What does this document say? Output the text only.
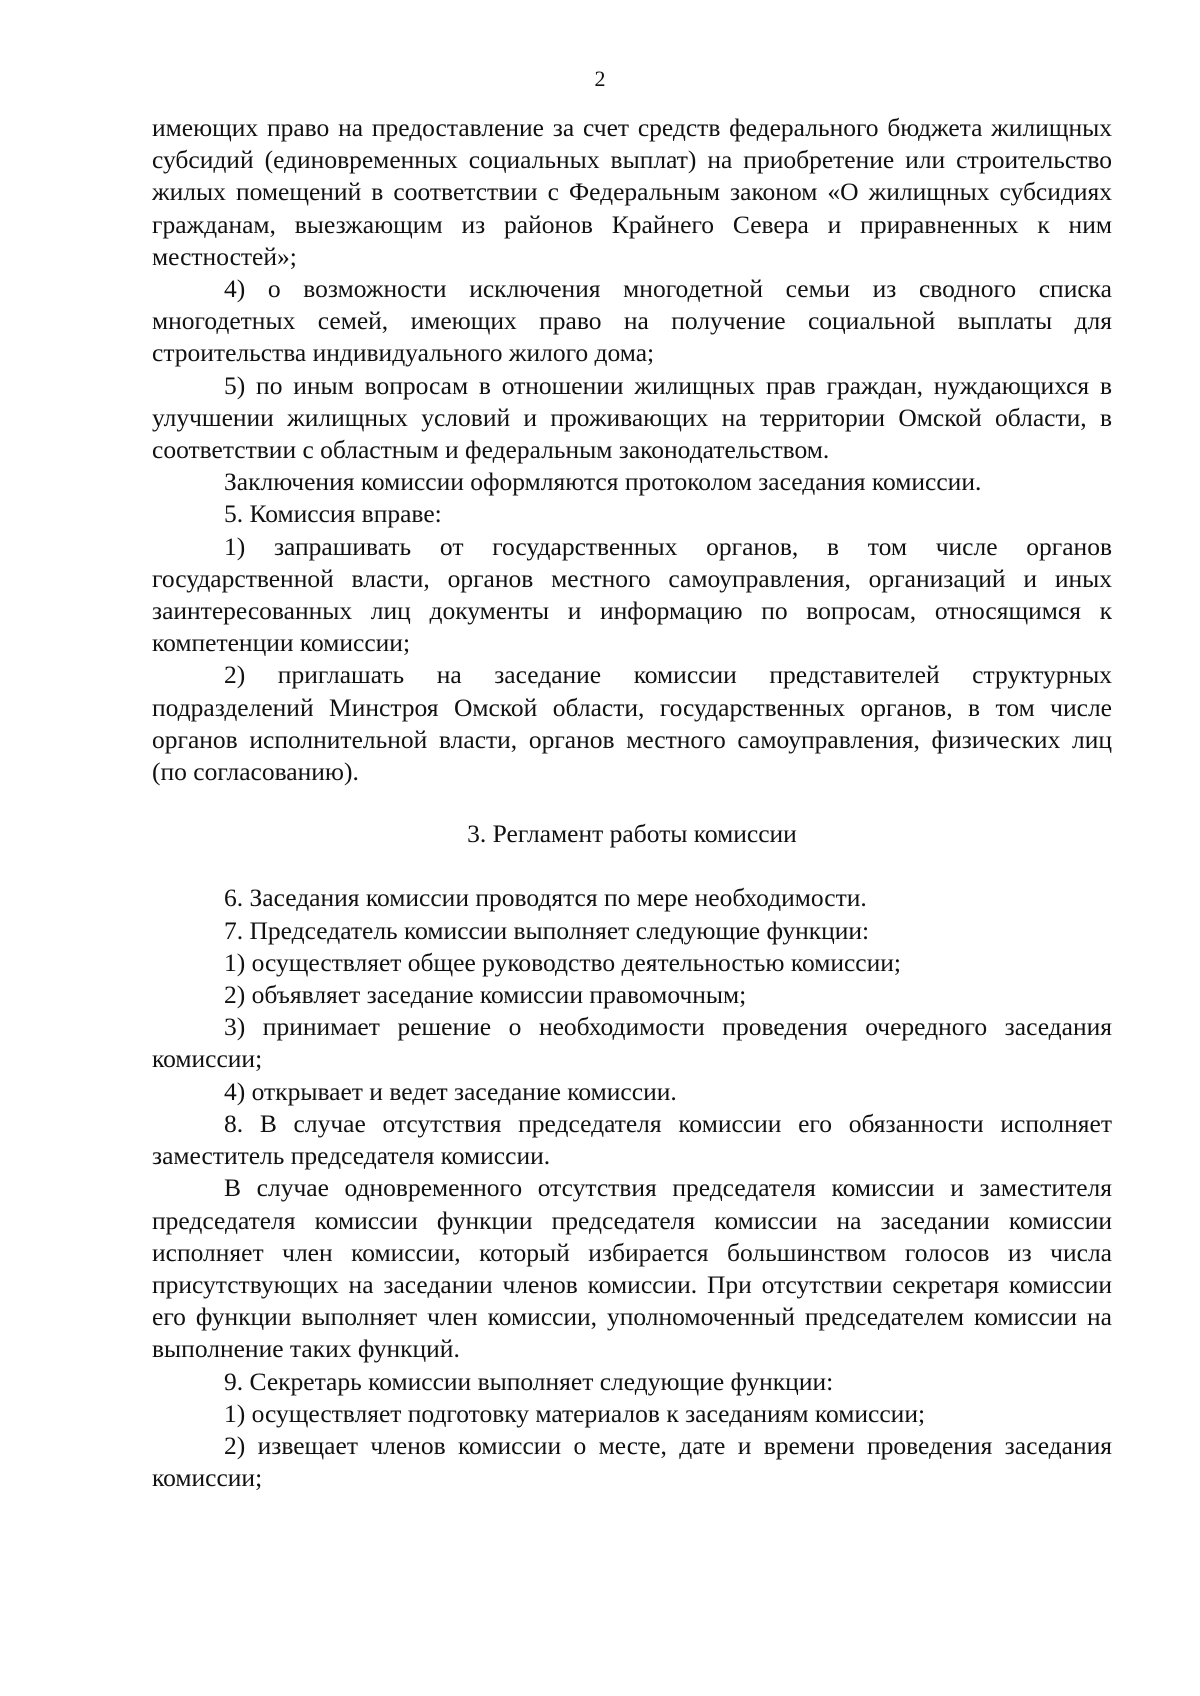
2

имеющих право на предоставление за счет средств федерального бюджета жилищных субсидий (единовременных социальных выплат) на приобретение или строительство жилых помещений в соответствии с Федеральным законом «О жилищных субсидиях гражданам, выезжающим из районов Крайнего Севера и приравненных к ним местностей»;

4) о возможности исключения многодетной семьи из сводного списка многодетных семей, имеющих право на получение социальной выплаты для строительства индивидуального жилого дома;

5) по иным вопросам в отношении жилищных прав граждан, нуждающихся в улучшении жилищных условий и проживающих на территории Омской области, в соответствии с областным и федеральным законодательством.

Заключения комиссии оформляются протоколом заседания комиссии.

5. Комиссия вправе:

1) запрашивать от государственных органов, в том числе органов государственной власти, органов местного самоуправления, организаций и иных заинтересованных лиц документы и информацию по вопросам, относящимся к компетенции комиссии;

2) приглашать на заседание комиссии представителей структурных подразделений Минстроя Омской области, государственных органов, в том числе органов исполнительной власти, органов местного самоуправления, физических лиц (по согласованию).

3. Регламент работы комиссии

6. Заседания комиссии проводятся по мере необходимости.

7. Председатель комиссии выполняет следующие функции:

1) осуществляет общее руководство деятельностью комиссии;

2) объявляет заседание комиссии правомочным;

3) принимает решение о необходимости проведения очередного заседания комиссии;

4) открывает и ведет заседание комиссии.

8. В случае отсутствия председателя комиссии его обязанности исполняет заместитель председателя комиссии.

В случае одновременного отсутствия председателя комиссии и заместителя председателя комиссии функции председателя комиссии на заседании комиссии исполняет член комиссии, который избирается большинством голосов из числа присутствующих на заседании членов комиссии. При отсутствии секретаря комиссии его функции выполняет член комиссии, уполномоченный председателем комиссии на выполнение таких функций.

9. Секретарь комиссии выполняет следующие функции:

1) осуществляет подготовку материалов к заседаниям комиссии;

2) извещает членов комиссии о месте, дате и времени проведения заседания комиссии;
